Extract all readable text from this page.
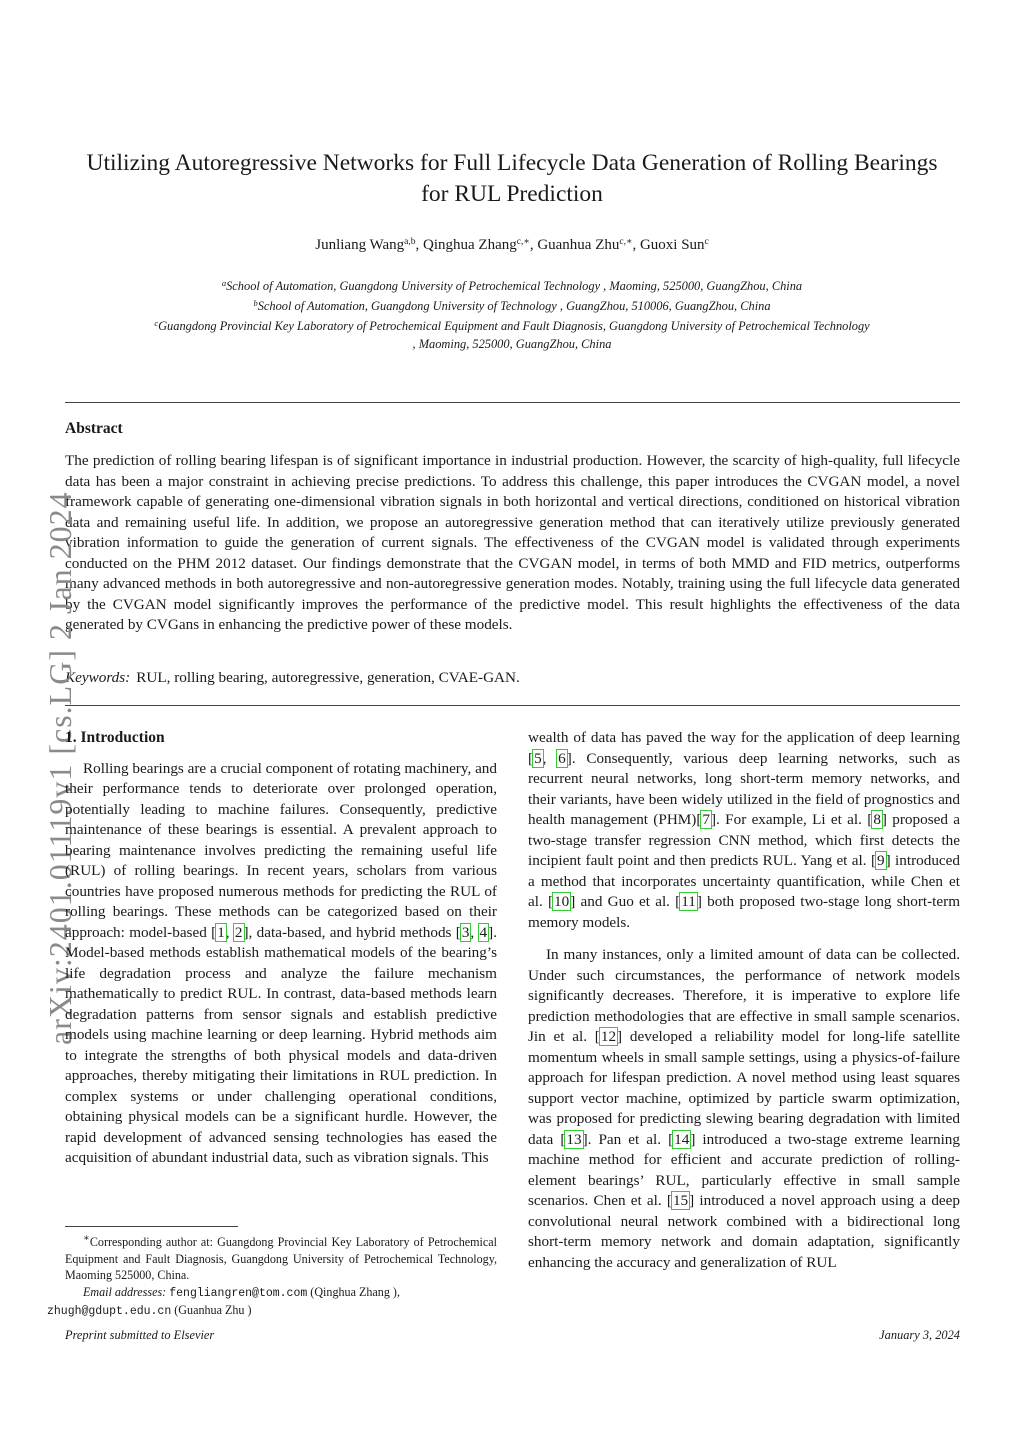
Utilizing Autoregressive Networks for Full Lifecycle Data Generation of Rolling Bearings
for RUL Prediction
Junliang Wang$^{a,b}$, Qinghua Zhang$^{c,∗}$, Guanhua Zhu$^{c,∗}$, Guoxi Sun$^c$
$^a$School of Automation, Guangdong University of Petrochemical Technology , Maoming, 525000, GuangZhou, China
$^b$School of Automation, Guangdong University of Technology , GuangZhou, 510006, GuangZhou, China
$^c$Guangdong Provincial Key Laboratory of Petrochemical Equipment and Fault Diagnosis, Guangdong University of Petrochemical Technology
, Maoming, 525000, GuangZhou, China
Abstract
The prediction of rolling bearing lifespan is of significant importance in industrial production. However, the scarcity of high-quality, full lifecycle data has been a major constraint in achieving precise predictions. To address this challenge, this paper introduces the CVGAN model, a novel framework capable of generating one-dimensional vibration signals in both horizontal and vertical directions, conditioned on historical vibration data and remaining useful life. In addition, we propose an autoregressive generation method that can iteratively utilize previously generated vibration information to guide the generation of current signals. The effectiveness of the CVGAN model is validated through experiments conducted on the PHM 2012 dataset. Our findings demonstrate that the CVGAN model, in terms of both MMD and FID metrics, outperforms many advanced methods in both autoregressive and non-autoregressive generation modes. Notably, training using the full lifecycle data generated by the CVGAN model significantly improves the performance of the predictive model. This result highlights the effectiveness of the data generated by CVGans in enhancing the predictive power of these models.
Keywords: RUL, rolling bearing, autoregressive, generation, CVAE-GAN.
arXiv:2401.01119v1 [cs.LG] 2 Jan 2024
1. Introduction

Rolling bearings are a crucial component of rotating machinery, and their performance tends to deteriorate over prolonged operation, potentially leading to machine failures. Consequently, predictive maintenance of these bearings is essential. A prevalent approach to bearing maintenance involves predicting the remaining useful life (RUL) of rolling bearings. In recent years, scholars from various countries have proposed numerous methods for predicting the RUL of rolling bearings. These methods can be categorized based on their approach: model-based [1, 2], data-based, and hybrid methods [3, 4]. Model-based methods establish mathematical models of the bearing’s life degradation process and analyze the failure mechanism mathematically to predict RUL. In contrast, data-based methods learn degradation patterns from sensor signals and establish predictive models using machine learning or deep learning. Hybrid methods aim to integrate the strengths of both physical models and data-driven approaches, thereby mitigating their limitations in RUL prediction. In complex systems or under challenging operational conditions, obtaining physical models can be a significant hurdle. However, the rapid development of advanced sensing technologies has eased the acquisition of abundant industrial data, such as vibration signals. This

wealth of data has paved the way for the application of deep learning [5, 6]. Consequently, various deep learning networks, such as recurrent neural networks, long short-term memory networks, and their variants, have been widely utilized in the field of prognostics and health management (PHM)[7]. For example, Li et al. [8] proposed a two-stage transfer regression CNN method, which first detects the incipient fault point and then predicts RUL. Yang et al. [9] introduced a method that incorporates uncertainty quantification, while Chen et al. [10] and Guo et al. [11] both proposed two-stage long short-term memory models.

In many instances, only a limited amount of data can be collected. Under such circumstances, the performance of network models significantly decreases. Therefore, it is imperative to explore life prediction methodologies that are effective in small sample scenarios. Jin et al. [12] developed a reliability model for long-life satellite momentum wheels in small sample settings, using a physics-of-failure approach for lifespan prediction. A novel method using least squares support vector machine, optimized by particle swarm optimization, was proposed for predicting slewing bearing degradation with limited data [13]. Pan et al. [14] introduced a two-stage extreme learning machine method for efficient and accurate prediction of rolling-element bearings’ RUL, particularly effective in small sample scenarios. Chen et al. [15] introduced a novel approach using a deep convolutional neural network combined with a bidirectional long short-term memory network and domain adaptation, significantly enhancing the accuracy and generalization of RUL

∗Corresponding author at: Guangdong Provincial Key Laboratory of Petrochemical Equipment and Fault Diagnosis, Guangdong University of Petrochemical Technology, Maoming 525000, China.

Email addresses: fengliangren@tom.com (Qinghua Zhang ),
zhugh@gdupt.edu.cn (Guanhua Zhu )

Preprint submitted to Elsevier	January 3, 2024
